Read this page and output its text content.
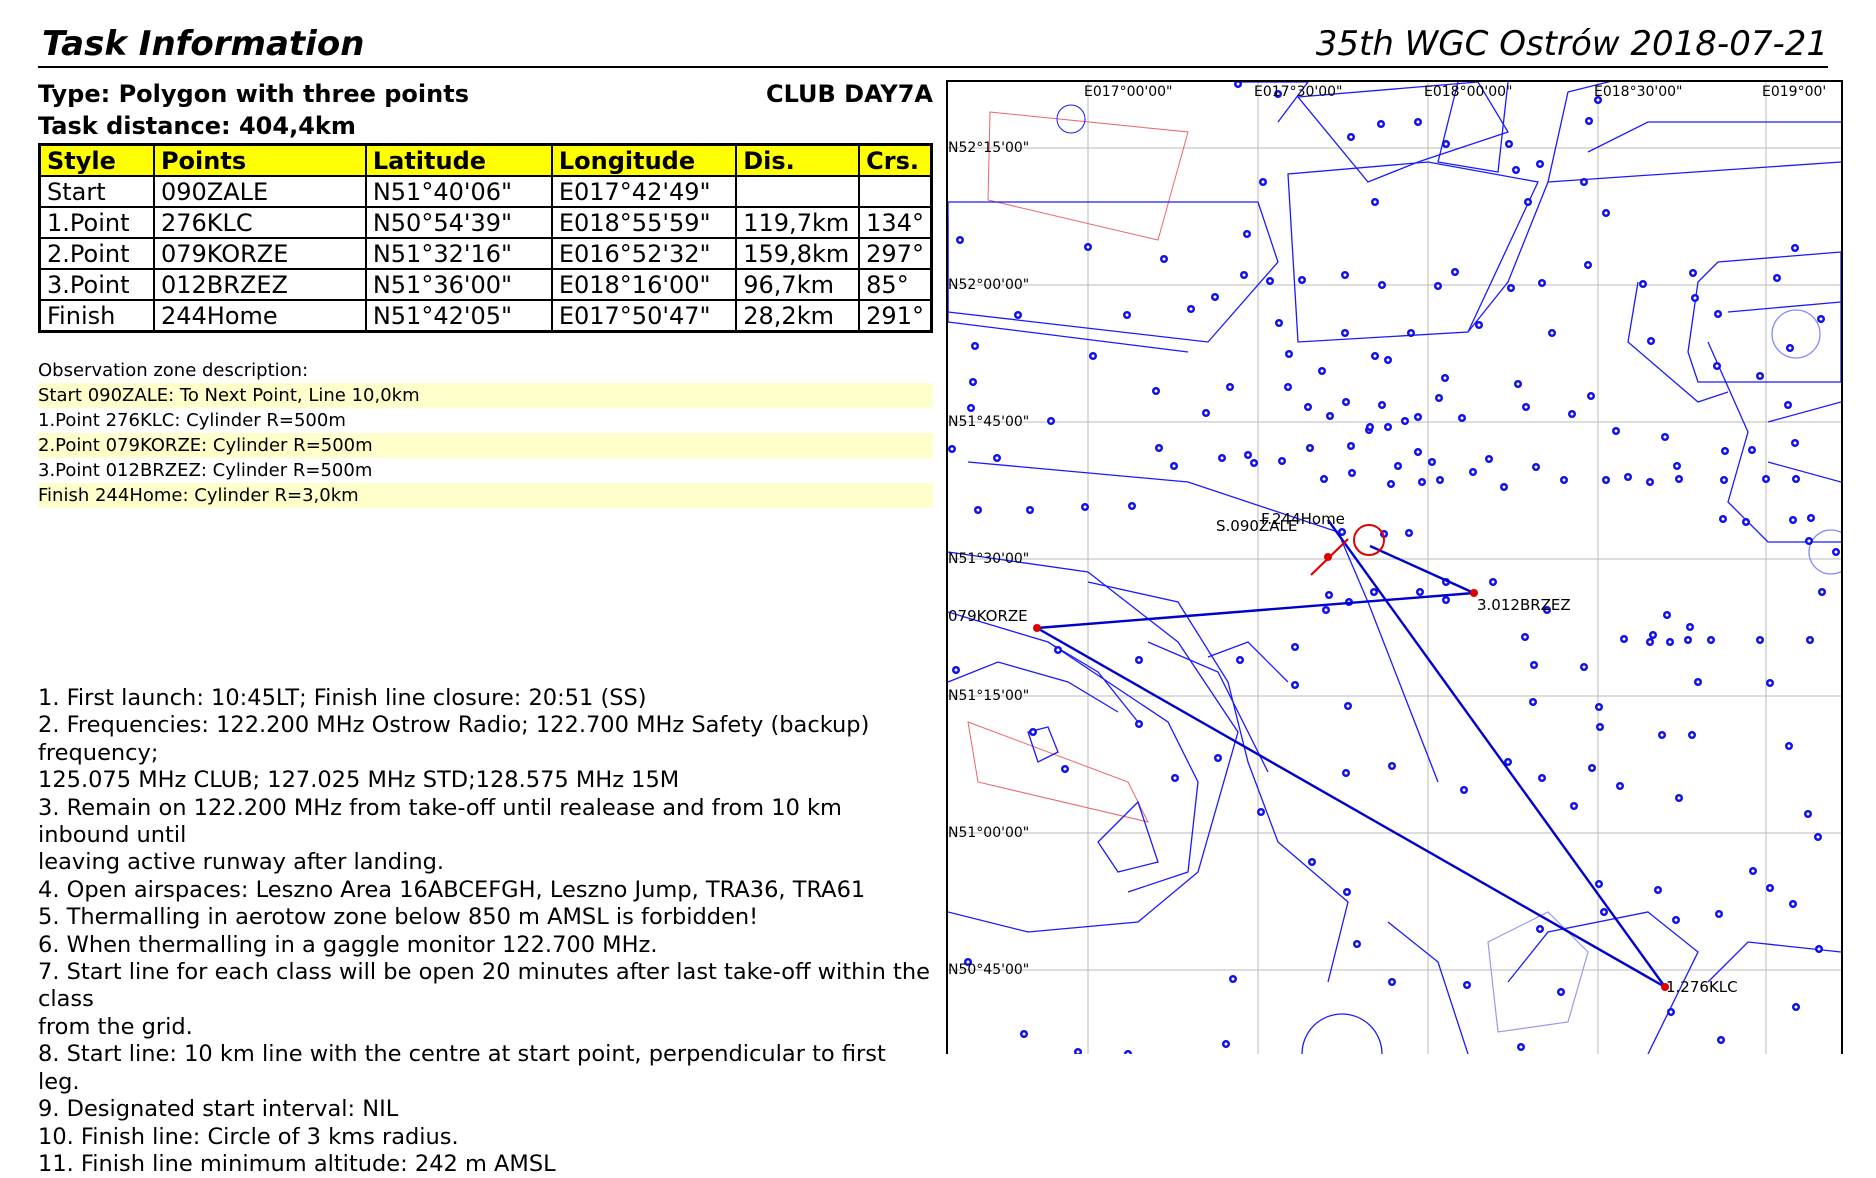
Task Information	35th WGC Ostrów 2018-07-21
Type: Polygon with three points	CLUB DAY7A
Task distance: 404,4km
Style	Points	Latitude	Longitude	Dis.	Crs.
Start	090ZALE	N51°40'06"	E017°42'49"		
1.Point	276KLC	N50°54'39"	E018°55'59"	119,7km	134°
2.Point	079KORZE	N51°32'16"	E016°52'32"	159,8km	297°
3.Point	012BRZEZ	N51°36'00"	E018°16'00"	96,7km	85°
Finish	244Home	N51°42'05"	E017°50'47"	28,2km	291°
Observation zone description:
Start 090ZALE: To Next Point, Line 10,0km
1.Point 276KLC: Cylinder R=500m
2.Point 079KORZE: Cylinder R=500m
3.Point 012BRZEZ: Cylinder R=500m
Finish 244Home: Cylinder R=3,0km
1. First launch: 10:45LT; Finish line closure: 20:51 (SS)
2. Frequencies: 122.200 MHz Ostrow Radio; 122.700 MHz Safety (backup) frequency;
125.075 MHz CLUB; 127.025 MHz STD;128.575 MHz 15M
3. Remain on 122.200 MHz from take-off until realease and from 10 km inbound until
leaving active runway after landing.
4. Open airspaces: Leszno Area 16ABCEFGH, Leszno Jump, TRA36, TRA61
5. Thermalling in aerotow zone below 850 m AMSL is forbidden!
6. When thermalling in a gaggle monitor 122.700 MHz.
7. Start line for each class will be open 20 minutes after last take-off within the class
from the grid.
8. Start line: 10 km line with the centre at start point, perpendicular to first leg.
9. Designated start interval: NIL
10. Finish line: Circle of 3 kms radius.
11. Finish line minimum altitude: 242 m AMSL
S.090ZALE
F.244Home
1.276KLC
079KORZE
3.012BRZEZ
E017°00'00"	E017°30'00"	E018°00'00"	E018°30'00"	E019°00'
N52°15'00"
N52°00'00"
N51°45'00"
N51°30'00"
N51°15'00"
N51°00'00"
N50°45'00"
